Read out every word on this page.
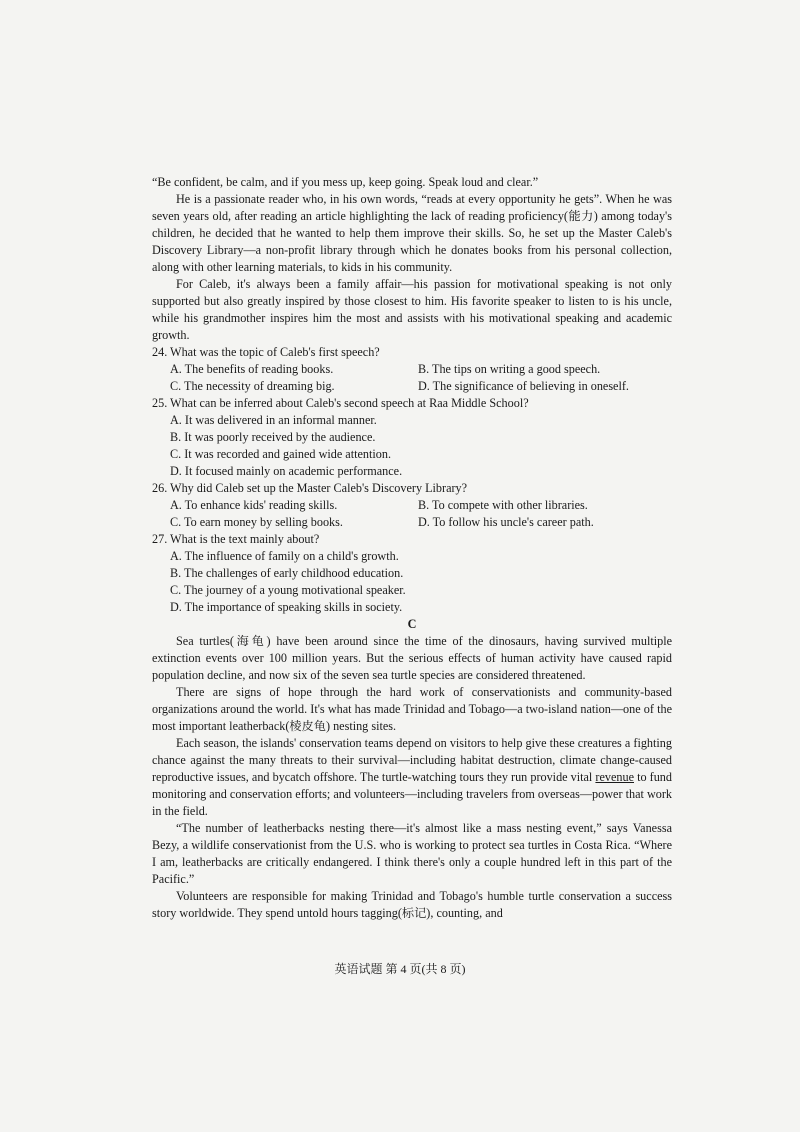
“Be confident, be calm, and if you mess up, keep going. Speak loud and clear.”

He is a passionate reader who, in his own words, “reads at every opportunity he gets”. When he was seven years old, after reading an article highlighting the lack of reading proficiency(能力) among today's children, he decided that he wanted to help them improve their skills. So, he set up the Master Caleb's Discovery Library—a non-profit library through which he donates books from his personal collection, along with other learning materials, to kids in his community.

For Caleb, it's always been a family affair—his passion for motivational speaking is not only supported but also greatly inspired by those closest to him. His favorite speaker to listen to is his uncle, while his grandmother inspires him the most and assists with his motivational speaking and academic growth.

24. What was the topic of Caleb's first speech?

A. The benefits of reading books.	B. The tips on writing a good speech.
C. The necessity of dreaming big.	D. The significance of believing in oneself.

25. What can be inferred about Caleb's second speech at Raa Middle School?

A. It was delivered in an informal manner.

B. It was poorly received by the audience.

C. It was recorded and gained wide attention.

D. It focused mainly on academic performance.

26. Why did Caleb set up the Master Caleb's Discovery Library?

A. To enhance kids' reading skills.	B. To compete with other libraries.
C. To earn money by selling books.	D. To follow his uncle's career path.

27. What is the text mainly about?

A. The influence of family on a child's growth.

B. The challenges of early childhood education.

C. The journey of a young motivational speaker.

D. The importance of speaking skills in society.

C

Sea turtles(海龟) have been around since the time of the dinosaurs, having survived multiple extinction events over 100 million years. But the serious effects of human activity have caused rapid population decline, and now six of the seven sea turtle species are considered threatened.

There are signs of hope through the hard work of conservationists and community-based organizations around the world. It's what has made Trinidad and Tobago—a two-island nation—one of the most important leatherback(棱皮龟) nesting sites.

Each season, the islands' conservation teams depend on visitors to help give these creatures a fighting chance against the many threats to their survival—including habitat destruction, climate change-caused reproductive issues, and bycatch offshore. The turtle-watching tours they run provide vital revenue to fund monitoring and conservation efforts; and volunteers—including travelers from overseas—power that work in the field.

“The number of leatherbacks nesting there—it's almost like a mass nesting event,” says Vanessa Bezy, a wildlife conservationist from the U.S. who is working to protect sea turtles in Costa Rica. “Where I am, leatherbacks are critically endangered. I think there's only a couple hundred left in this part of the Pacific.”

Volunteers are responsible for making Trinidad and Tobago's humble turtle conservation a success story worldwide. They spend untold hours tagging(标记), counting, and

英语试题 第 4 页(共 8 页)
